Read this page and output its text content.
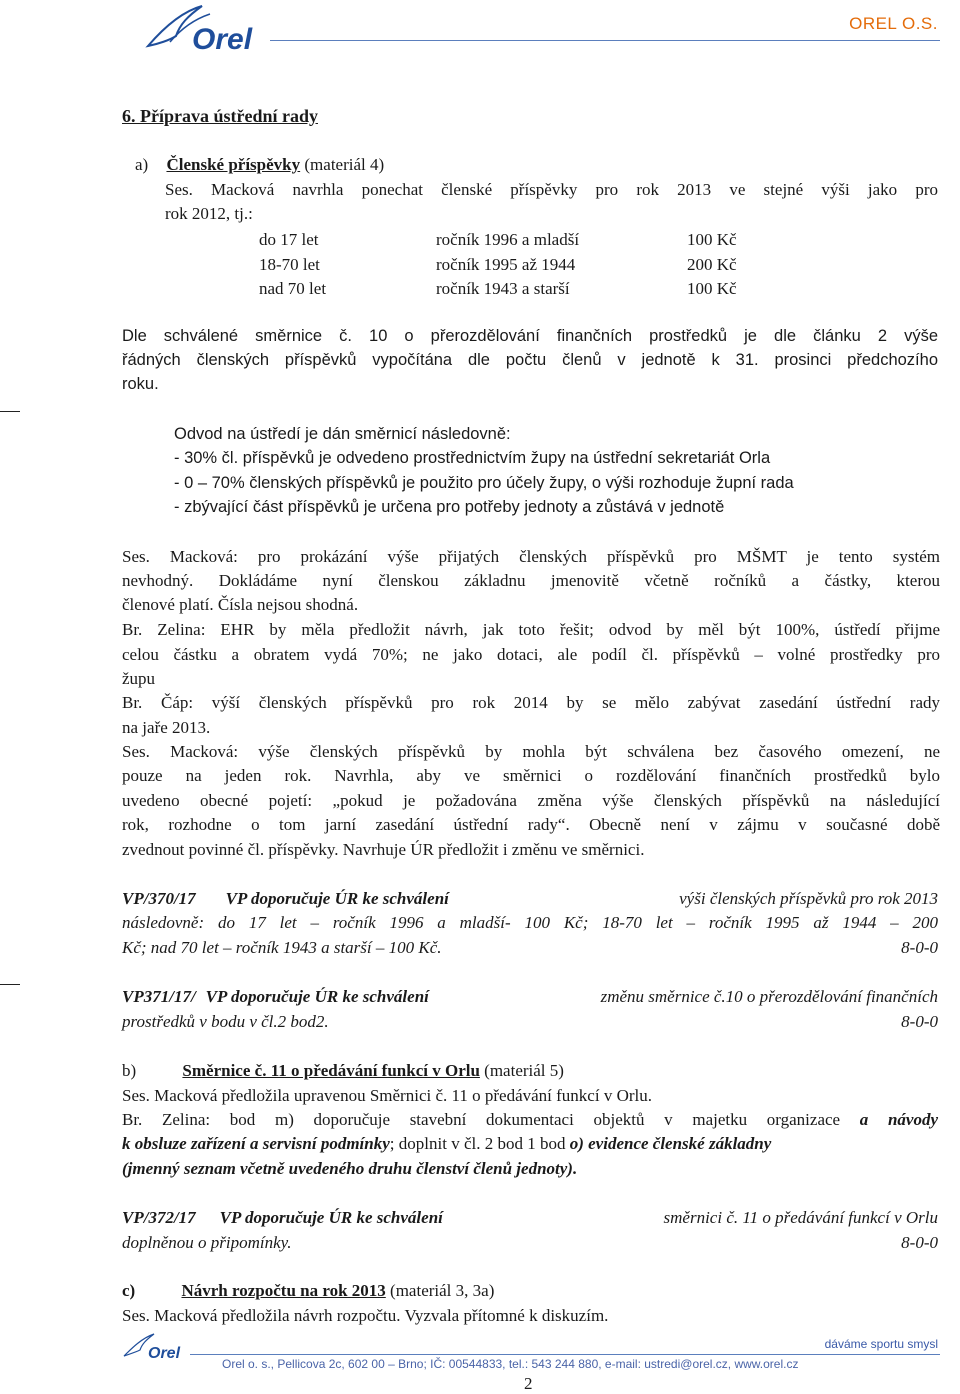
Orel	OREL O.S.
6. Příprava ústřední rady
a) Členské příspěvky (materiál 4)
Ses. Macková navrhla ponechat členské příspěvky pro rok 2013 ve stejné výši jako pro
rok 2012, tj.:
do 17 let	ročník 1996 a mladší	100 Kč
18-70 let	ročník 1995 až 1944	200 Kč
nad 70 let	ročník 1943 a starší	100 Kč
Dle schválené směrnice č. 10 o přerozdělování finančních prostředků je dle článku 2 výše
řádných členských příspěvků vypočítána dle počtu členů v jednotě k 31. prosinci předchozího
roku.
Odvod na ústředí je dán směrnicí následovně:
- 30% čl. příspěvků je odvedeno prostřednictvím župy na ústřední sekretariát Orla
- 0 – 70% členských příspěvků je použito pro účely župy, o výši rozhoduje župní rada
- zbývající část příspěvků je určena pro potřeby jednoty a zůstává v jednotě
Ses. Macková: pro prokázání výše přijatých členských příspěvků pro MŠMT je tento systém
nevhodný. Dokládáme nyní členskou základnu jmenovitě včetně ročníků a částky, kterou
členové platí. Čísla nejsou shodná.
Br. Zelina: EHR by měla předložit návrh, jak toto řešit; odvod by měl být 100%, ústředí přijme
celou částku a obratem vydá 70%; ne jako dotaci, ale podíl čl. příspěvků – volné prostředky pro
župu
Br. Čáp: výší členských příspěvků pro rok 2014 by se mělo zabývat zasedání ústřední rady
na jaře 2013.
Ses. Macková: výše členských příspěvků by mohla být schválena bez časového omezení, ne
pouze na jeden rok. Navrhla, aby ve směrnici o rozdělování finančních prostředků bylo
uvedeno obecné pojetí: „pokud je požadována změna výše členských příspěvků na následující
rok, rozhodne o tom jarní zasedání ústřední rady“. Obecně není v zájmu v současné době
zvednout povinné čl. příspěvky. Navrhuje ÚR předložit i změnu ve směrnici.
VP/370/17 VP doporučuje ÚR ke schválení	výši členských příspěvků pro rok 2013
následovně: do 17 let – ročník 1996 a mladší- 100 Kč; 18-70 let – ročník 1995 až 1944 – 200
Kč; nad 70 let – ročník 1943 a starší – 100 Kč.	8-0-0
VP371/17/ VP doporučuje ÚR ke schválení	změnu směrnice č.10 o přerozdělování finančních
prostředků v bodu v čl.2 bod2.	8-0-0
b)	Směrnice č. 11 o předávání funkcí v Orlu (materiál 5)
Ses. Macková předložila upravenou Směrnici č. 11 o předávání funkcí v Orlu.
Br. Zelina: bod m) doporučuje stavební dokumentaci objektů v majetku organizace a návody
k obsluze zařízení a servisní podmínky; doplnit v čl. 2 bod 1 bod o) evidence členské základny
(jmenný seznam včetně uvedeného druhu členství členů jednoty).
VP/372/17 VP doporučuje ÚR ke schválení	směrnici č. 11 o předávání funkcí v Orlu
doplněnou o připomínky.	8-0-0
c)	Návrh rozpočtu na rok 2013 (materiál 3, 3a)
Ses. Macková předložila návrh rozpočtu. Vyzvala přítomné k diskuzím.
Orel
dáváme sportu smysl
Orel o. s., Pellicova 2c, 602 00 – Brno; IČ: 00544833, tel.: 543 244 880, e-mail: ustredi@orel.cz, www.orel.cz
2
